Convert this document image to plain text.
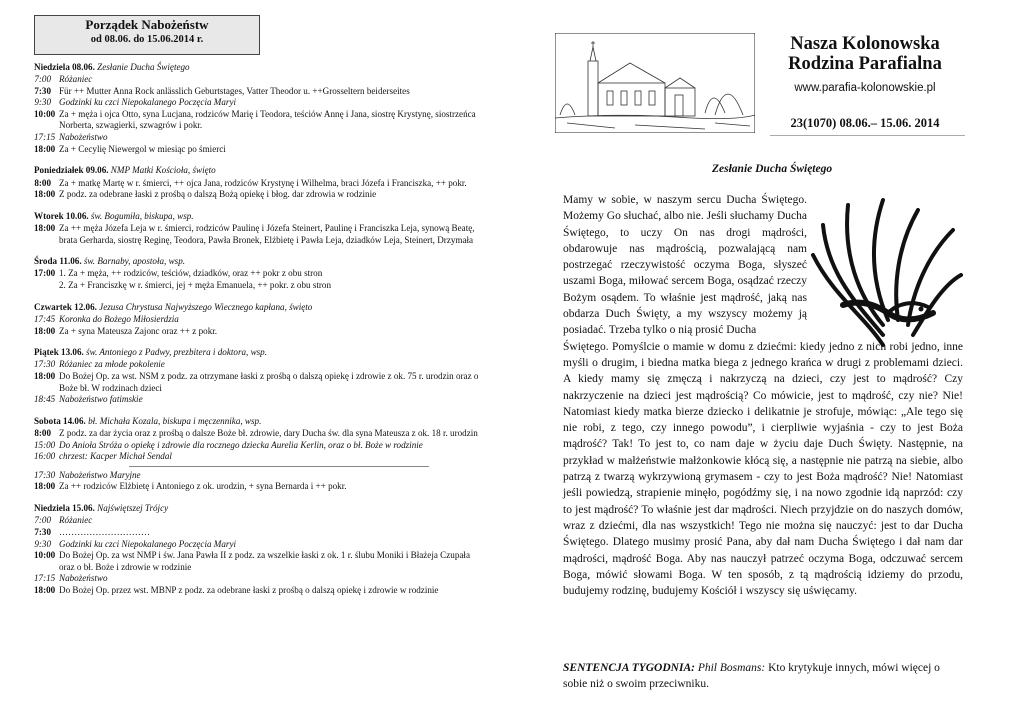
Porządek Nabożeństw
od 08.06. do 15.06.2014 r.
Niedziela 08.06. Zesłanie Ducha Świętego
7:00 Różaniec
7:30 Für ++ Mutter Anna Rock anlässlich Geburtstages, Vatter Theodor u. ++Grosseltern beiderseites
9:30 Godzinki ku czci Niepokalanego Poczęcia Maryi
10:00 Za + męża i ojca Otto, syna Lucjana, rodziców Marię i Teodora, teściów Annę i Jana, siostrę Krystynę, siostrzeńca Norberta, szwagierki, szwagrów i pokr.
17:15 Nabożeństwo
18:00 Za + Cecylię Niewergol w miesiąc po śmierci
Poniedziałek 09.06. NMP Matki Kościoła, święto
8:00 Za + matkę Martę w r. śmierci, ++ ojca Jana, rodziców Krystynę i Wilhelma, braci Józefa i Franciszka, ++ pokr.
18:00 Z podz. za odebrane łaski z prośbą o dalszą Bożą opiekę i błog. dar zdrowia w rodzinie
Wtorek 10.06. św. Bogumiła, biskupa, wsp.
18:00 Za ++ męża Józefa Leja w r. śmierci, rodziców Paulinę i Józefa Steinert, Paulinę i Franciszka Leja, synową Beatę, brata Gerharda, siostrę Reginę, Teodora, Pawła Bronek, Elżbietę i Pawła Leja, dziadków Leja, Steinert, Drzymała
Środa 11.06. św. Barnaby, apostoła, wsp.
17:00 1. Za + męża, ++ rodziców, teściów, dziadków, oraz ++ pokr z obu stron
2. Za + Franciszkę w r. śmierci, jej + męża Emanuela, ++ pokr. z obu stron
Czwartek 12.06. Jezusa Chrystusa Najwyższego Wiecznego kapłana, święto
17:45 Koronka do Bożego Miłosierdzia
18:00 Za + syna Mateusza Zajonc oraz ++ z pokr.
Piątek 13.06. św. Antoniego z Padwy, prezbitera i doktora, wsp.
17:30 Różaniec za młode pokolenie
18:00 Do Bożej Op. za wst. NSM z podz. za otrzymane łaski z prośbą o dalszą opiekę i zdrowie z ok. 75 r. urodzin oraz o Boże bł. W rodzinach dzieci
18:45 Nabożeństwo fatimskie
Sobota 14.06. bł. Michała Kozala, biskupa i męczennika, wsp.
8:00 Z podz. za dar życia oraz z prośbą o dalsze Boże bł. zdrowie, dary Ducha św. dla syna Mateusza z ok. 18 r. urodzin
15:00 Do Anioła Stróża o opiekę i zdrowie dla rocznego dziecka Aurelia Kerlin, oraz o bł. Boże w rodzinie
16:00 chrzest: Kacper Michał Sendal
17:30 Nabożeństwo Maryjne
18:00 Za ++ rodziców Elżbietę i Antoniego z ok. urodzin, + syna Bernarda i ++ pokr.
Niedziela 15.06. Najświętszej Trójcy
7:00 Różaniec
7:30 …………………………
9:30 Godzinki ku czci Niepokalanego Poczęcia Maryi
10:00 Do Bożej Op. za wst NMP i św. Jana Pawła II z podz. za wszelkie łaski z ok. 1 r. ślubu Moniki i Błażeja Czupała oraz o bł. Boże i zdrowie w rodzinie
17:15 Nabożeństwo
18:00 Do Bożej Op. przez wst. MBNP z podz. za odebrane łaski z prośbą o dalszą opiekę i zdrowie w rodzinie
Nasza Kolonowska
Rodzina Parafialna
www.parafia-kolonowskie.pl
23(1070) 08.06.– 15.06. 2014
Zesłanie Ducha Świętego
Mamy w sobie, w naszym sercu Ducha Świętego. Możemy Go słuchać, albo nie. Jeśli słuchamy Ducha Świętego, to uczy On nas drogi mądrości, obdarowuje nas mądrością, pozwalającą nam postrzegać rzeczywistość oczyma Boga, słyszeć uszami Boga, miłować sercem Boga, osądzać rzeczy Bożym osądem. To właśnie jest mądrość, jaką nas obdarza Duch Święty, a my wszyscy możemy ją posiadać. Trzeba tylko o nią prosić Ducha
Świętego. Pomyślcie o mamie w domu z dziećmi: kiedy jedno z nich robi jedno, inne myśli o drugim, i biedna matka biega z jednego krańca w drugi z problemami dzieci. A kiedy mamy się zmęczą i nakrzyczą na dzieci, czy jest to mądrość? Czy nakrzyczenie na dzieci jest mądrością? Co mówicie, jest to mądrość, czy nie? Nie! Natomiast kiedy matka bierze dziecko i delikatnie je strofuje, mówiąc: „Ale tego się nie robi, z tego, czy innego powodu”, i cierpliwie wyjaśnia - czy to jest Boża mądrość? Tak! To jest to, co nam daje w życiu daje Duch Święty. Następnie, na przykład w małżeństwie małżonkowie kłócą się, a następnie nie patrzą na siebie, albo patrzą z twarzą wykrzywioną grymasem - czy to jest Boża mądrość? Nie! Natomiast jeśli powiedzą, strapienie minęło, pogódźmy się, i na nowo zgodnie idą naprzód: czy to jest mądrość? To właśnie jest dar mądrości. Niech przyjdzie on do naszych domów, wraz z dziećmi, dla nas wszystkich! Tego nie można się nauczyć: jest to dar Ducha Świętego. Dlatego musimy prosić Pana, aby dał nam Ducha Świętego i dał nam dar mądrości, mądrość Boga. Aby nas nauczył patrzeć oczyma Boga, odczuwać sercem Boga, mówić słowami Boga. W ten sposób, z tą mądrością idziemy do przodu, budujemy rodzinę, budujemy Kościół i wszyscy się uświęcamy.
SENTENCJA TYGODNIA: Phil Bosmans: Kto krytykuje innych, mówi więcej o sobie niż o swoim przeciwniku.
